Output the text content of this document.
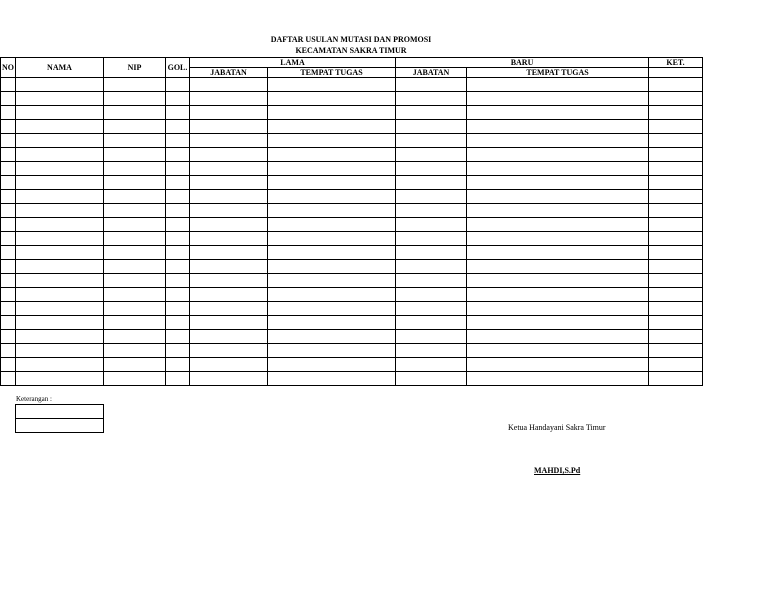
DAFTAR USULAN MUTASI DAN PROMOSI
KECAMATAN SAKRA TIMUR
NO	NAMA	NIP	GOL.	LAMA		BARU		KET.
				JABATAN	TEMPAT TUGAS	JABATAN	TEMPAT TUGAS	

Keterangan :

Ketua Handayani Sakra Timur
MAHDI,S.Pd
